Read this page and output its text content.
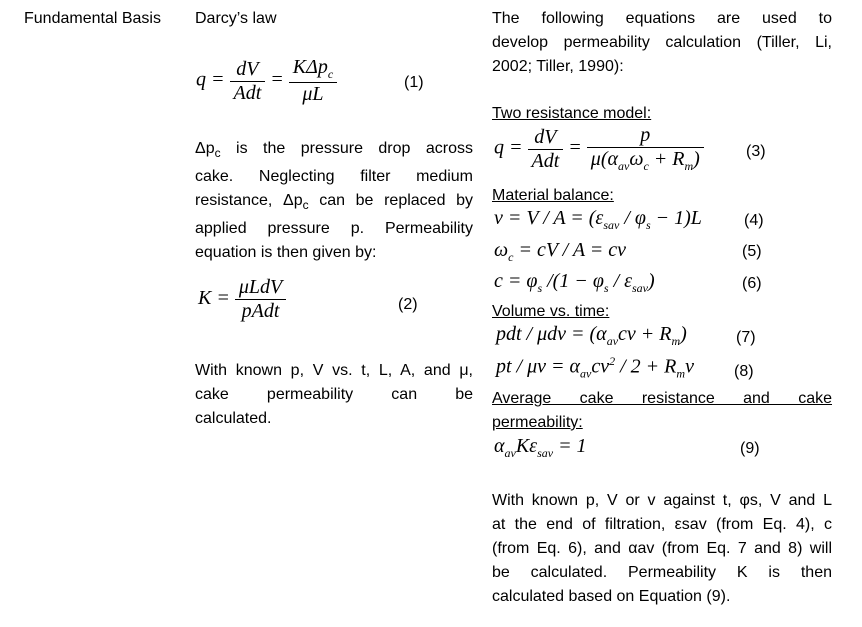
Fundamental Basis Darcy’s law
$q = \frac{dV}{\text{Adt}} = \frac{K\Delta p_c}{\mu L}$	(1)
$\Delta p_c$ is the pressure drop across
cake. Neglecting filter medium
resistance, $\Delta p_c$ can be replaced by
applied pressure p. Permeability
equation is then given by:
$K = \frac{\text{μLdV}}{\text{pAdt}}$	(2)
With known p, V vs. t, L, A, and μ,
cake permeability can be
calculated.
The following equations are used to
develop permeability calculation (Tiller, Li,
2002; Tiller, 1990):
Two resistance model:
$q = \frac{dV}{\text{Adt}} = \frac{p}{\mu(\alpha_{av}\omega_c + R_m)}$	(3)
Material balance:
$v = V / A = (\varepsilon_{sav} / \varphi_s - 1)L$	(4)
$\omega_c$ = cV / A = cv	(5)
$c = \varphi_s$ $/(1 - \varphi_s / \varepsilon_{sav})$	(6)
Volume vs. time:
pdt / $\mu dv = (\alpha_{av}cv + R_m)$	(7)
pt / $\mu v = \alpha_{av}cv^2 / 2 + R_mv$	(8)
Average cake resistance and cake
permeability:
$\alpha_{av}K\varepsilon_{sav} = 1$	(9)
With known p, V or v against t, φs, V and L
at the end of filtration, εsav (from Eq. 4), c
(from Eq. 6), and αav (from Eq. 7 and 8) will
be calculated. Permeability K is then
calculated based on Equation (9).
